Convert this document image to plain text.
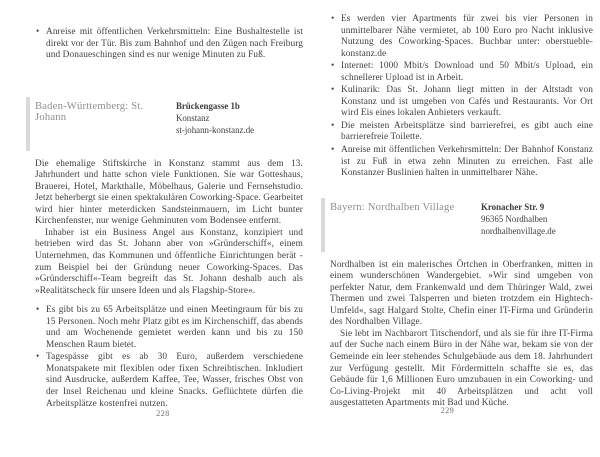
• Anreise mit öffentlichen Verkehrsmitteln: Eine Bushaltestelle ist direkt vor der Tür. Bis zum Bahnhof und den Zügen nach Freiburg und Donaueschingen sind es nur wenige Minuten zu Fuß.
Baden-Württemberg: St. Johann
Brückengasse 1b
Konstanz
st-johann-konstanz.de

Die ehemalige Stiftskirche in Konstanz stammt aus dem 13. Jahrhundert und hatte schon viele Funktionen. Sie war Gotteshaus, Brauerei, Hotel, Markthalle, Möbelhaus, Galerie und Fernsehstudio. Jetzt beherbergt sie einen spektakulären Coworking-Space. Gearbeitet wird hier hinter meterdicken Sandsteinmauern, im Licht bunter Kirchenfenster, nur wenige Gehminuten vom Bodensee entfernt.

Inhaber ist ein Business Angel aus Konstanz, konzipiert und betrieben wird das St. Johann aber von »Gründerschiff«, einem Unternehmen, das Kommunen und öffentliche Einrichtungen berät - zum Beispiel bei der Gründung neuer Coworking-Spaces. Das »Gründerschiff«-Team begreift das St. Johann deshalb auch als »Realitätscheck für unsere Ideen und als Flagship-Store«.

• Es gibt bis zu 65 Arbeitsplätze und einen Meetingraum für bis zu 15 Personen. Noch mehr Platz gibt es im Kirchenschiff, das abends und am Wochenende gemietet werden kann und bis zu 150 Menschen Raum bietet.
• Tagespässe gibt es ab 30 Euro, außerdem verschiedene Monatspakete mit flexiblen oder fixen Schreibtischen. Inkludiert sind Ausdrucke, außerdem Kaffee, Tee, Wasser, frisches Obst von der Insel Reichenau und kleine Snacks. Geflüchtete dürfen die Arbeitsplätze kostenfrei nutzen.
228
• Es werden vier Apartments für zwei bis vier Personen in unmittelbarer Nähe vermietet, ab 100 Euro pro Nacht inklusive Nutzung des Coworking-Spaces. Buchbar unter: oberstueble-konstanz.de
• Internet: 1000 Mbit/s Download und 50 Mbit/s Upload, ein schnellerer Upload ist in Arbeit.
• Kulinarik: Das St. Johann liegt mitten in der Altstadt von Konstanz und ist umgeben von Cafés und Restaurants. Vor Ort wird Eis eines lokalen Anbieters verkauft.
• Die meisten Arbeitsplätze sind barrierefrei, es gibt auch eine barrierefreie Toilette.
• Anreise mit öffentlichen Verkehrsmitteln: Der Bahnhof Konstanz ist zu Fuß in etwa zehn Minuten zu erreichen. Fast alle Konstanzer Buslinien halten in unmittelbarer Nähe.
Bayern: Nordhalben Village	Kronacher Str. 9
96365 Nordhalben
nordhalbenvillage.de

Nordhalben ist ein malerisches Örtchen in Oberfranken, mitten in einem wunderschönen Wandergebiet. »Wir sind umgeben von perfekter Natur, dem Frankenwald und dem Thüringer Wald, zwei Thermen und zwei Talsperren und bieten trotzdem ein Hightech-Umfeld«, sagt Halgard Stolte, Chefin einer IT-Firma und Gründerin des Nordhalben Village.

Sie lebt im Nachbarort Titschendorf, und als sie für ihre IT-Firma auf der Suche nach einem Büro in der Nähe war, bekam sie von der Gemeinde ein leer stehendes Schulgebäude aus dem 18. Jahrhundert zur Verfügung gestellt. Mit Fördermitteln schaffte sie es, das Gebäude für 1,6 Millionen Euro umzubauen in ein Coworking- und Co-Living-Projekt mit 40 Arbeitsplätzen und acht voll ausgestatteten Apartments mit Bad und Küche.

229
